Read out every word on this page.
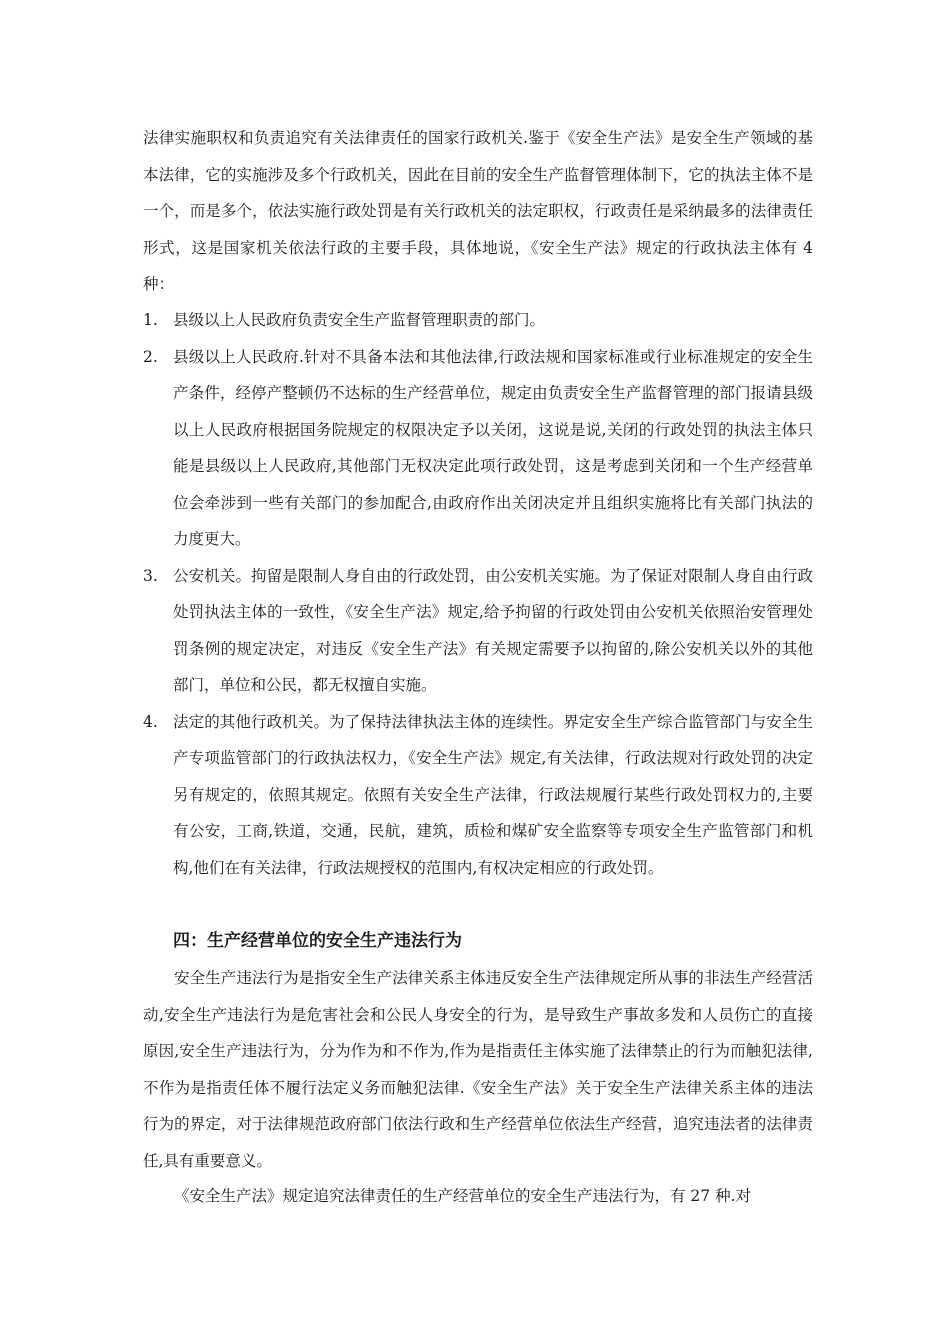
法律实施职权和负责追究有关法律责任的国家行政机关.鉴于《安全生产法》是安全生产领域的基本法律，它的实施涉及多个行政机关，因此在目前的安全生产监督管理体制下，它的执法主体不是一个，而是多个，依法实施行政处罚是有关行政机关的法定职权，行政责任是采纳最多的法律责任形式，这是国家机关依法行政的主要手段，具体地说，《安全生产法》规定的行政执法主体有 4 种：
1. 县级以上人民政府负责安全生产监督管理职责的部门。
2. 县级以上人民政府.针对不具备本法和其他法律,行政法规和国家标准或行业标准规定的安全生产条件，经停产整顿仍不达标的生产经营单位，规定由负责安全生产监督管理的部门报请县级以上人民政府根据国务院规定的权限决定予以关闭，这说是说,关闭的行政处罚的执法主体只能是县级以上人民政府,其他部门无权决定此项行政处罚，这是考虑到关闭和一个生产经营单位会牵涉到一些有关部门的参加配合,由政府作出关闭决定并且组织实施将比有关部门执法的力度更大。
3. 公安机关。拘留是限制人身自由的行政处罚，由公安机关实施。为了保证对限制人身自由行政处罚执法主体的一致性，《安全生产法》规定,给予拘留的行政处罚由公安机关依照治安管理处罚条例的规定决定，对违反《安全生产法》有关规定需要予以拘留的,除公安机关以外的其他部门，单位和公民，都无权擅自实施。
4. 法定的其他行政机关。为了保持法律执法主体的连续性。界定安全生产综合监管部门与安全生产专项监管部门的行政执法权力，《安全生产法》规定,有关法律，行政法规对行政处罚的决定另有规定的，依照其规定。依照有关安全生产法律，行政法规履行某些行政处罚权力的,主要有公安，工商,铁道，交通，民航，建筑，质检和煤矿安全监察等专项安全生产监管部门和机构,他们在有关法律，行政法规授权的范围内,有权决定相应的行政处罚。
四：生产经营单位的安全生产违法行为

安全生产违法行为是指安全生产法律关系主体违反安全生产法律规定所从事的非法生产经营活动,安全生产违法行为是危害社会和公民人身安全的行为，是导致生产事故多发和人员伤亡的直接原因,安全生产违法行为，分为作为和不作为,作为是指责任主体实施了法律禁止的行为而触犯法律,不作为是指责任体不履行法定义务而触犯法律.《安全生产法》关于安全生产法律关系主体的违法行为的界定，对于法律规范政府部门依法行政和生产经营单位依法生产经营，追究违法者的法律责任,具有重要意义。

《安全生产法》规定追究法律责任的生产经营单位的安全生产违法行为，有 27 种.对
